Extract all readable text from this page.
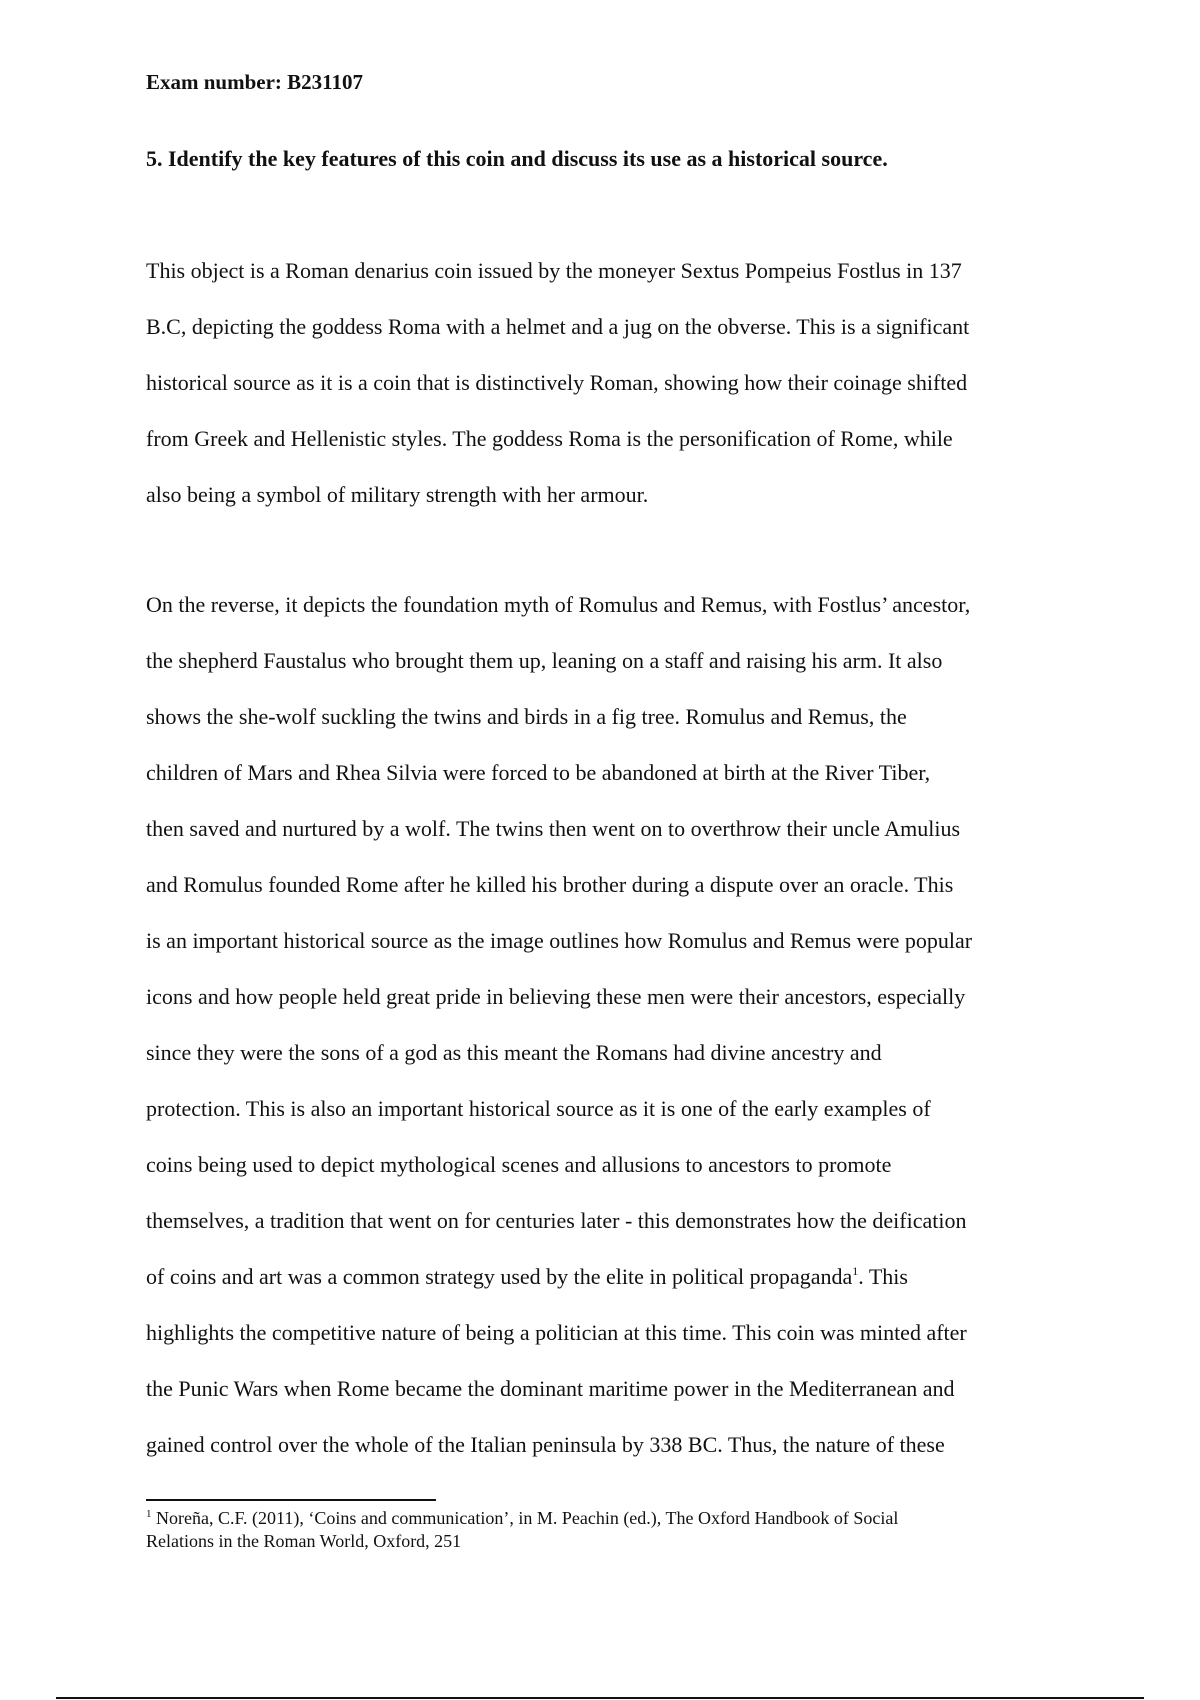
Exam number: B231107
5. Identify the key features of this coin and discuss its use as a historical source.
This object is a Roman denarius coin issued by the moneyer Sextus Pompeius Fostlus in 137
B.C, depicting the goddess Roma with a helmet and a jug on the obverse. This is a significant
historical source as it is a coin that is distinctively Roman, showing how their coinage shifted
from Greek and Hellenistic styles. The goddess Roma is the personification of Rome, while
also being a symbol of military strength with her armour.
On the reverse, it depicts the foundation myth of Romulus and Remus, with Fostlus’ ancestor,
the shepherd Faustalus who brought them up, leaning on a staff and raising his arm. It also
shows the she-wolf suckling the twins and birds in a fig tree. Romulus and Remus, the
children of Mars and Rhea Silvia were forced to be abandoned at birth at the River Tiber,
then saved and nurtured by a wolf. The twins then went on to overthrow their uncle Amulius
and Romulus founded Rome after he killed his brother during a dispute over an oracle. This
is an important historical source as the image outlines how Romulus and Remus were popular
icons and how people held great pride in believing these men were their ancestors, especially
since they were the sons of a god as this meant the Romans had divine ancestry and
protection. This is also an important historical source as it is one of the early examples of
coins being used to depict mythological scenes and allusions to ancestors to promote
themselves, a tradition that went on for centuries later - this demonstrates how the deification
of coins and art was a common strategy used by the elite in political propaganda$^1$. This
highlights the competitive nature of being a politician at this time. This coin was minted after
the Punic Wars when Rome became the dominant maritime power in the Mediterranean and
gained control over the whole of the Italian peninsula by 338 BC. Thus, the nature of these
$^1$ Noreña, C.F. (2011), ‘Coins and communication’, in M. Peachin (ed.), The Oxford Handbook of Social
Relations in the Roman World, Oxford, 251
